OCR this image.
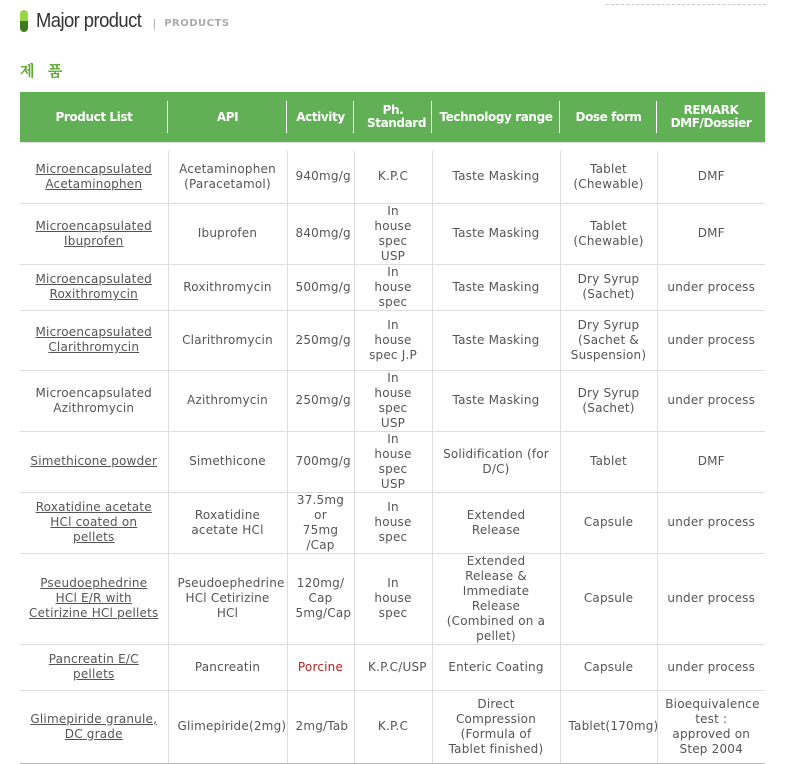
Major product | PRODUCTS
제 품
Product List	API	Activity	Ph. Standard	Technology range	Dose form	REMARK DMF/Dossier

Microencapsulated Acetaminophen	Acetaminophen (Paracetamol)	940mg/g	K.P.C	Taste Masking	Tablet (Chewable)	DMF

Microencapsulated Ibuprofen	Ibuprofen	840mg/g	In house spec USP	Taste Masking	Tablet (Chewable)	DMF

Microencapsulated Roxithromycin	Roxithromycin	500mg/g	In house spec	Taste Masking	Dry Syrup (Sachet)	under process

Microencapsulated Clarithromycin	Clarithromycin	250mg/g	In house spec J.P	Taste Masking	Dry Syrup (Sachet & Suspension)	under process

Microencapsulated Azithromycin	Azithromycin	250mg/g	In house spec USP	Taste Masking	Dry Syrup (Sachet)	under process

Simethicone powder	Simethicone	700mg/g	In house spec USP	Solidification (for D/C)	Tablet	DMF

Roxatidine acetate HCl coated on pellets	Roxatidine acetate HCl	37.5mg or 75mg /Cap	In house spec	Extended Release	Capsule	under process

Pseudoephedrine HCl E/R with Cetirizine HCl pellets	Pseudoephedrine HCl Cetirizine HCl	120mg/ Cap 5mg/Cap	In house spec	Extended Release & Immediate Release (Combined on a pellet)	Capsule	under process

Pancreatin E/C pellets	Pancreatin	Porcine	K.P.C/USP	Enteric Coating	Capsule	under process

Glimepiride granule, DC grade	Glimepiride(2mg)	2mg/Tab	K.P.C	Direct Compression (Formula of Tablet finished)	Tablet(170mg)	Bioequivalence test : approved on Step 2004
